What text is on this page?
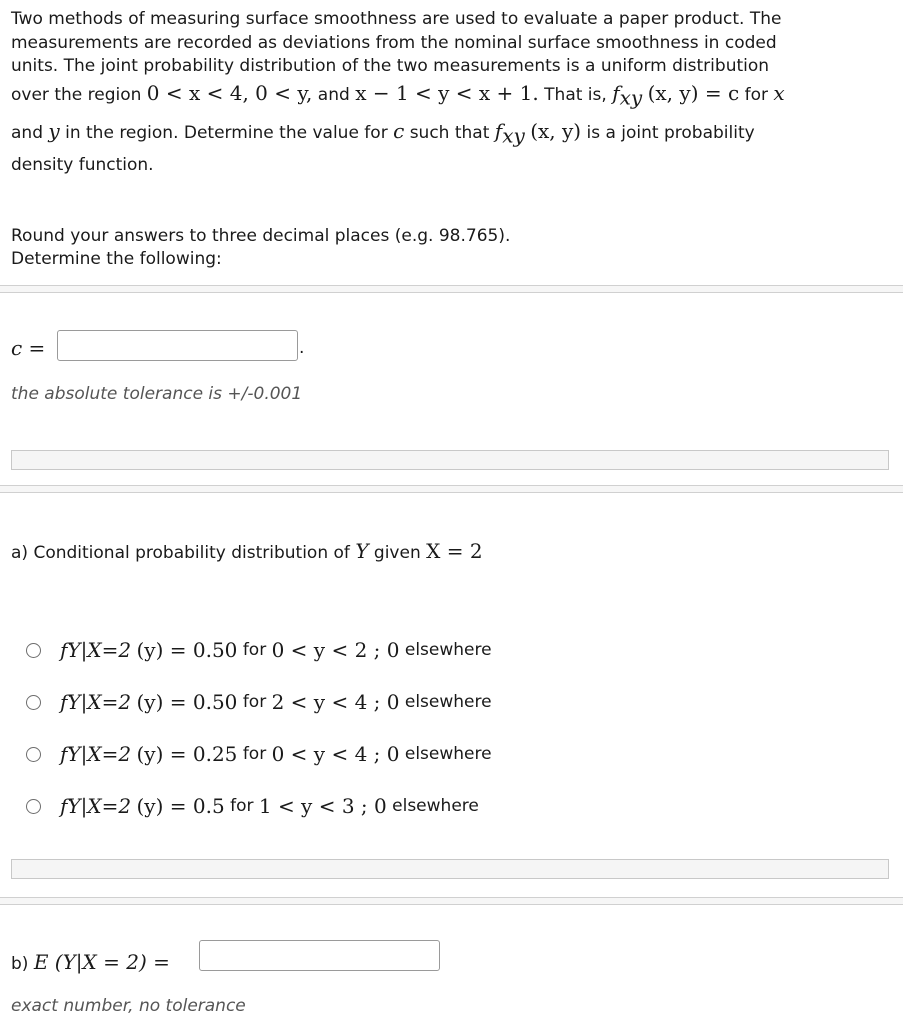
Two methods of measuring surface smoothness are used to evaluate a paper product. The
measurements are recorded as deviations from the nominal surface smoothness in coded
units. The joint probability distribution of the two measurements is a uniform distribution
over the region 0 < x < 4, 0 < y, and x − 1 < y < x + 1. That is, $f_{xy}$ (x, y) = c for x
and y in the region. Determine the value for c such that $f_{xy}$ (x, y) is a joint probability
density function.
Round your answers to three decimal places (e.g. 98.765).
Determine the following:
c =	.
the absolute tolerance is +/-0.001
a) Conditional probability distribution of Y given X = 2
f Y|X=2
(y) = 0.50
for
0 < y < 2 ; 0
elsewhere
f Y|X=2
(y) = 0.50
for
2 < y < 4 ; 0
elsewhere
f Y|X=2
(y) = 0.25
for
0 < y < 4 ; 0
elsewhere
f Y|X=2
(y) = 0.5
for
1 < y < 3 ; 0
elsewhere
b) E (Y|X = 2) =
exact number, no tolerance
